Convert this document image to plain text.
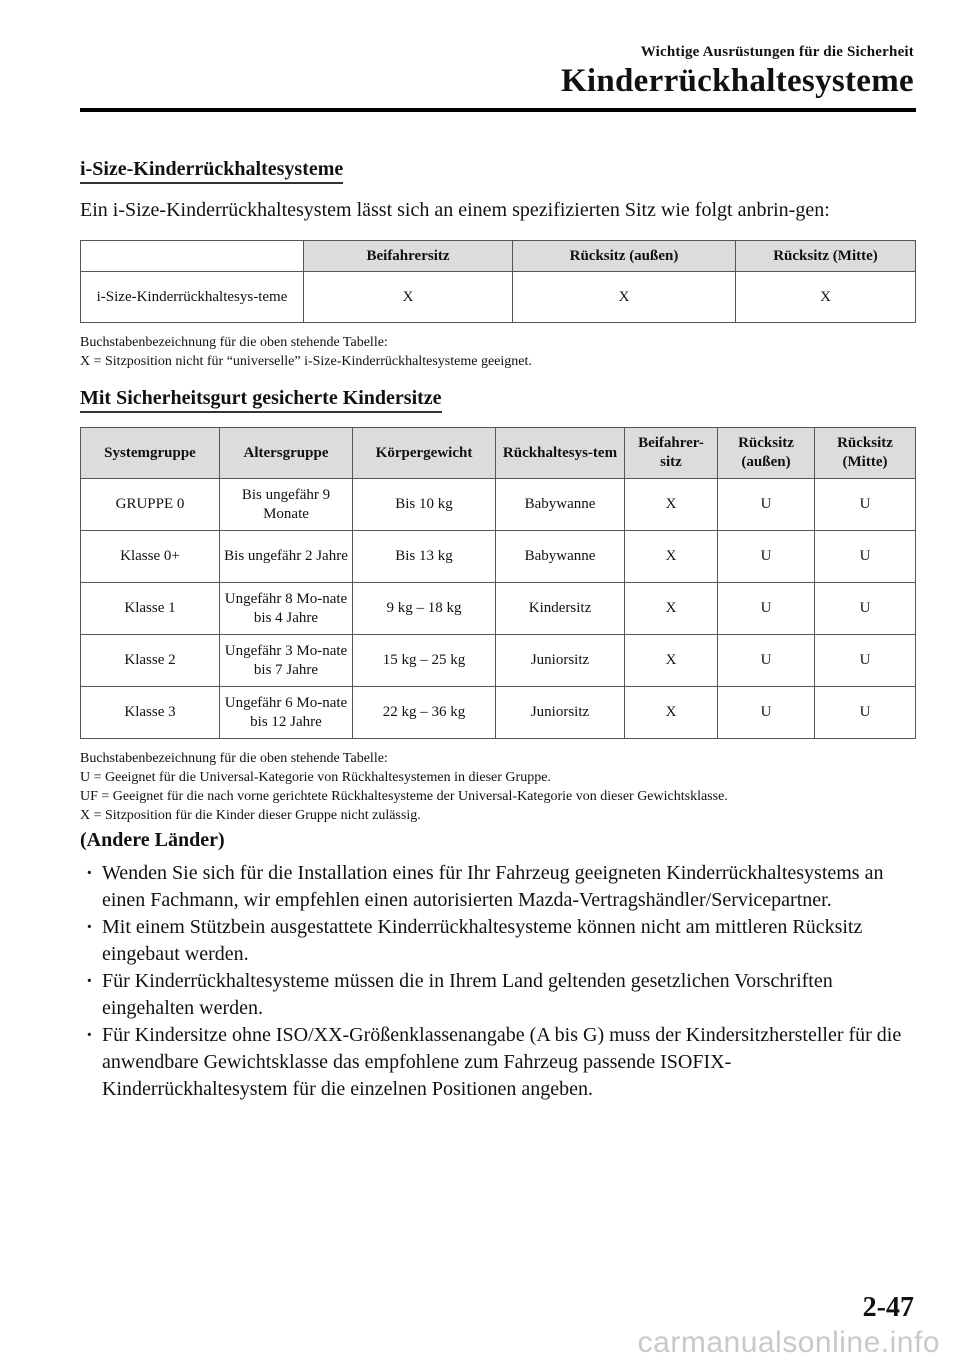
Wichtige Ausrüstungen für die Sicherheit
Kinderrückhaltesysteme
i-Size-Kinderrückhaltesysteme
Ein i-Size-Kinderrückhaltesystem lässt sich an einem spezifizierten Sitz wie folgt anbrin-gen:
	Beifahrersitz	Rücksitz (außen)	Rücksitz (Mitte)
i-Size-Kinderrückhaltesys-teme	X	X	X
Buchstabenbezeichnung für die oben stehende Tabelle:
X = Sitzposition nicht für “universelle” i-Size-Kinderrückhaltesysteme geeignet.
Mit Sicherheitsgurt gesicherte Kindersitze
Systemgruppe	Altersgruppe	Körpergewicht	Rückhaltesys-tem	Beifahrer-sitz	Rücksitz (außen)	Rücksitz (Mitte)
GRUPPE 0	Bis ungefähr 9 Monate	Bis 10 kg	Babywanne	X	U	U
Klasse 0+	Bis ungefähr 2 Jahre	Bis 13 kg	Babywanne	X	U	U
Klasse 1	Ungefähr 8 Mo-nate bis 4 Jahre	9 kg – 18 kg	Kindersitz	X	U	U
Klasse 2	Ungefähr 3 Mo-nate bis 7 Jahre	15 kg – 25 kg	Juniorsitz	X	U	U
Klasse 3	Ungefähr 6 Mo-nate bis 12 Jahre	22 kg – 36 kg	Juniorsitz	X	U	U
Buchstabenbezeichnung für die oben stehende Tabelle:
U = Geeignet für die Universal-Kategorie von Rückhaltesystemen in dieser Gruppe.
UF = Geeignet für die nach vorne gerichtete Rückhaltesysteme der Universal-Kategorie von dieser Gewichtsklasse.
X = Sitzposition für die Kinder dieser Gruppe nicht zulässig.
(Andere Länder)
· Wenden Sie sich für die Installation eines für Ihr Fahrzeug geeigneten Kinderrückhaltesystems an einen Fachmann, wir empfehlen einen autorisierten Mazda-Vertragshändler/Servicepartner.
· Mit einem Stützbein ausgestattete Kinderrückhaltesysteme können nicht am mittleren Rücksitz eingebaut werden.
· Für Kinderrückhaltesysteme müssen die in Ihrem Land geltenden gesetzlichen Vorschriften eingehalten werden.
· Für Kindersitze ohne ISO/XX-Größenklassenangabe (A bis G) muss der Kindersitzhersteller für die anwendbare Gewichtsklasse das empfohlene zum Fahrzeug passende ISOFIX-Kinderrückhaltesystem für die einzelnen Positionen angeben.
2-47
carmanualsonline.info
